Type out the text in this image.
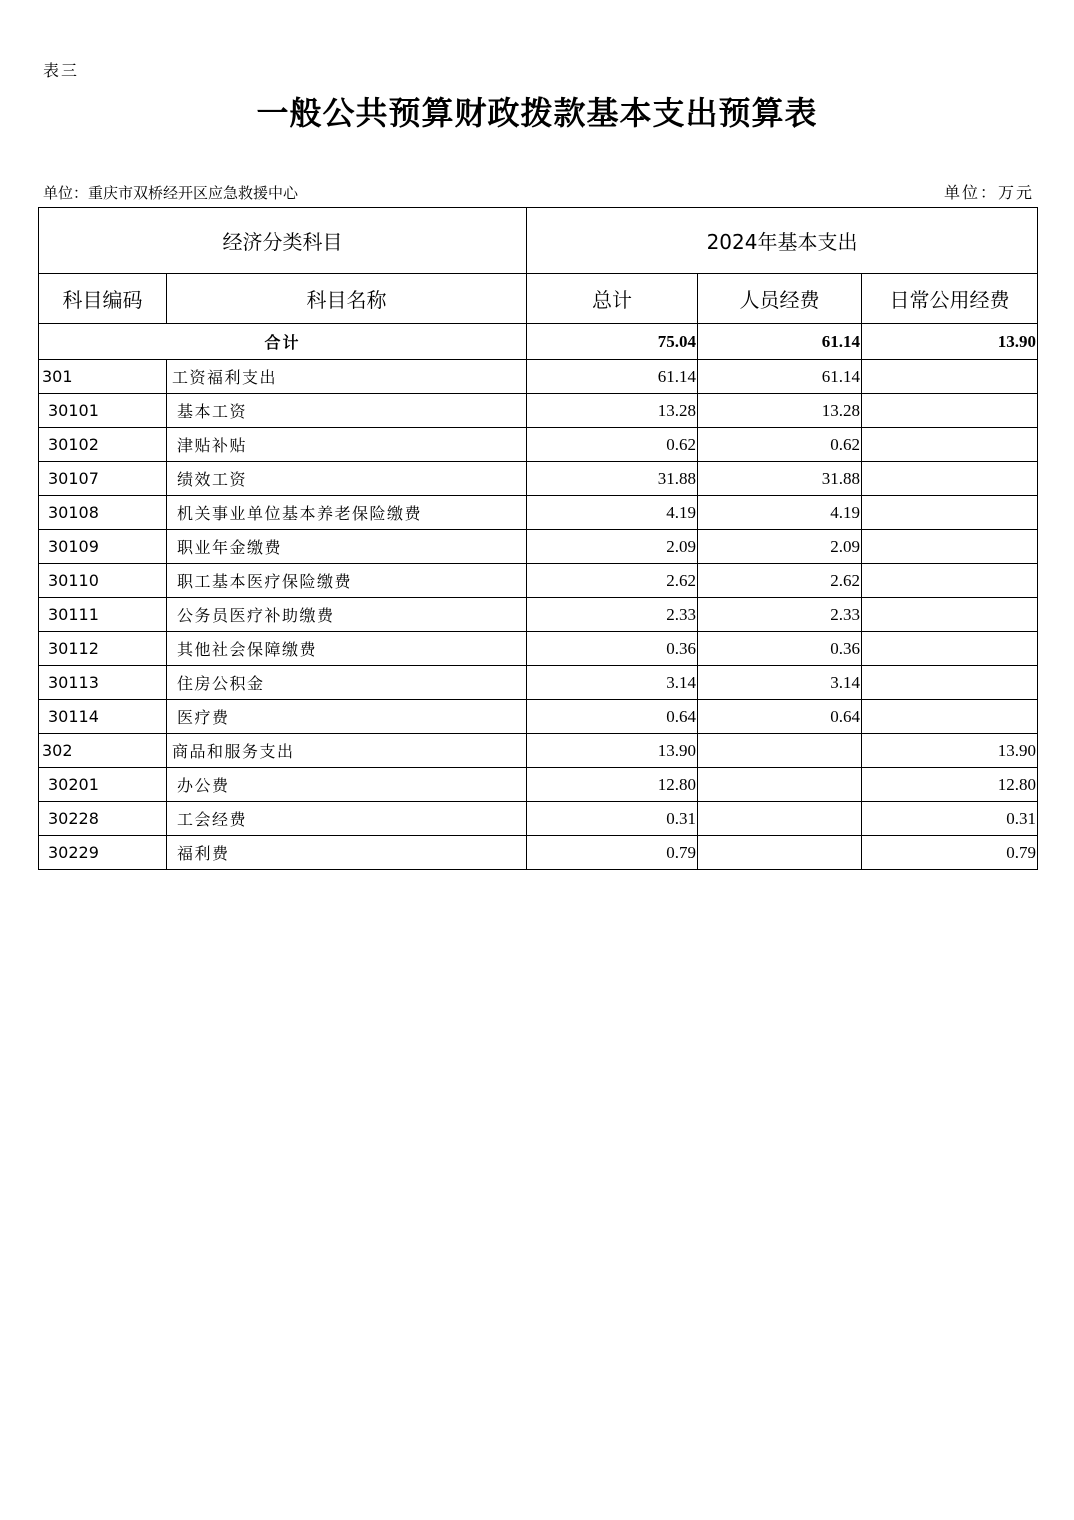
表三
一般公共预算财政拨款基本支出预算表
单位：重庆市双桥经开区应急救援中心	单位：万元
经济分类科目		2024年基本支出		
科目编码	科目名称	总计	人员经费	日常公用经费
合计		75.04	61.14	13.90
301	工资福利支出	61.14	61.14	
30101	基本工资	13.28	13.28	
30102	津贴补贴	0.62	0.62	
30107	绩效工资	31.88	31.88	
30108	机关事业单位基本养老保险缴费	4.19	4.19	
30109	职业年金缴费	2.09	2.09	
30110	职工基本医疗保险缴费	2.62	2.62	
30111	公务员医疗补助缴费	2.33	2.33	
30112	其他社会保障缴费	0.36	0.36	
30113	住房公积金	3.14	3.14	
30114	医疗费	0.64	0.64	
302	商品和服务支出	13.90		13.90
30201	办公费	12.80		12.80
30228	工会经费	0.31		0.31
30229	福利费	0.79		0.79
